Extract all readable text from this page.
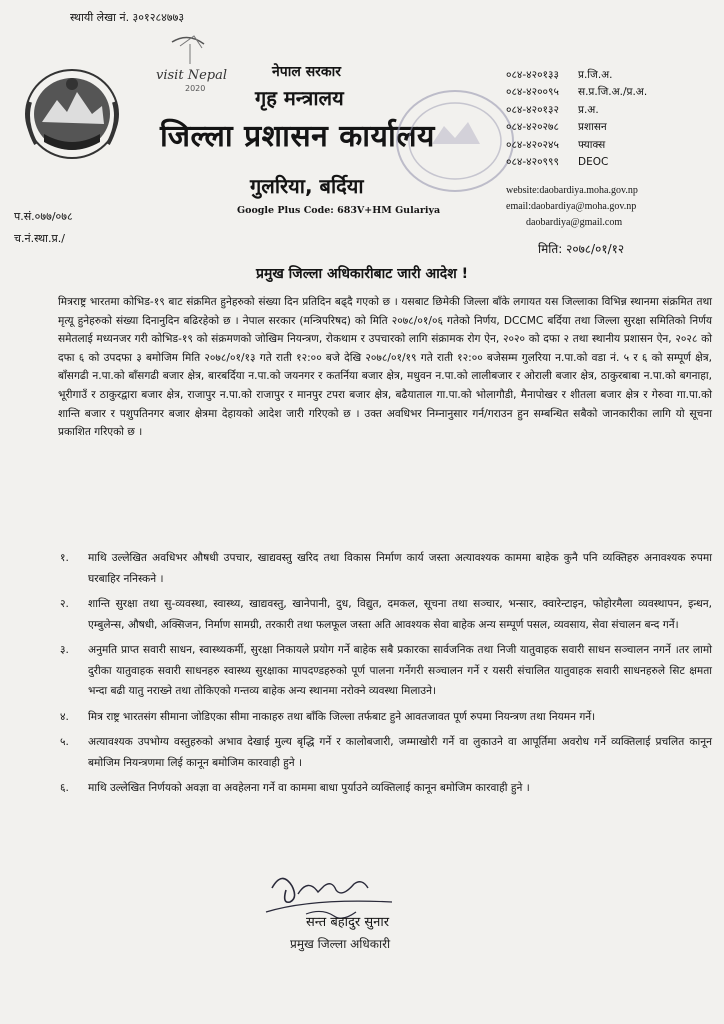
स्थायी लेखा नं. ३०१२८४७७३
visit Nepal
2020
नेपाल सरकार
गृह मन्त्रालय
जिल्ला प्रशासन कार्यालय
गुलरिया, बर्दिया
Google Plus Code: 683V+HM Gulariya
०८४-४२०१३३	प्र.जि.अ.
०८४-४२००९५	स.प्र.जि.अ./प्र.अ.
०८४-४२०१३२	प्र.अ.
०८४-४२०२७८	प्रशासन
०८४-४२०२४५	फ्याक्स
०८४-४२०९९९	DEOC
website:daobardiya.moha.gov.np
email:daobardiya@moha.gov.np
daobardiya@gmail.com
प.सं.०७७/०७८
च.नं.स्था.प्र./
मिति: २०७८/०१/१२
प्रमुख जिल्ला अधिकारीबाट जारी आदेश !

मित्रराष्ट्र भारतमा कोभिड-१९ बाट संक्रमित हुनेहरुको संख्या दिन प्रतिदिन बढ्दै गएको छ । यसबाट छिमेकी जिल्ला बाँके लगायत यस जिल्लाका विभिन्न स्थानमा संक्रमित तथा मृत्यू हुनेहरुको संख्या दिनानुदिन बढिरहेको छ । नेपाल सरकार (मन्त्रिपरिषद) को मिति २०७८/०१/०६ गतेको निर्णय, DCCMC बर्दिया तथा जिल्ला सुरक्षा समितिको निर्णय समेतलाई मध्यनजर गरी कोभिड-१९ को संक्रमणको जोखिम नियन्त्रण, रोकथाम र उपचारको लागि संक्रामक रोग ऐन, २०२० को दफा २ तथा स्थानीय प्रशासन ऐन, २०२८ को दफा ६ को उपदफा ३ बमोजिम मिति २०७८/०१/१३ गते राती १२:०० बजे देखि २०७८/०१/१९ गते राती १२:०० बजेसम्म गुलरिया न.पा.को वडा नं. ५ र ६ को सम्पूर्ण क्षेत्र, बाँसगढी न.पा.को बाँसगढी बजार क्षेत्र, बारबर्दिया न.पा.को जयनगर र कतर्निया बजार क्षेत्र, मधुवन न.पा.को लालीबजार र ओराली बजार क्षेत्र, ठाकुरबाबा न.पा.को बगनाहा, भूरीगाउँ र ठाकुरद्वारा बजार क्षेत्र, राजापुर न.पा.को राजापुर र मानपुर टपरा बजार क्षेत्र, बढैयाताल गा.पा.को भोलागौडी, मैनापोखर र शीतला बजार क्षेत्र र गेरुवा गा.पा.को शान्ति बजार र पशुपतिनगर बजार क्षेत्रमा देहायको आदेश जारी गरिएको छ । उक्त अवधिभर निम्नानुसार गर्न/गराउन हुन सम्बन्धित सबैको जानकारीका लागि यो सूचना प्रकाशित गरिएको छ ।

१.	माथि उल्लेखित अवधिभर औषधी उपचार, खाद्यवस्तु खरिद तथा विकास निर्माण कार्य जस्ता अत्यावश्यक काममा बाहेक कुनै पनि व्यक्तिहरु अनावश्यक रुपमा घरबाहिर ननिस्कने ।
२.	शान्ति सुरक्षा तथा सु-व्यवस्था, स्वास्थ्य, खाद्यवस्तु, खानेपानी, दुध, विद्युत, दमकल, सूचना तथा सञ्चार, भन्सार, क्वारेन्टाइन, फोहोरमैला व्यवस्थापन, इन्धन, एम्बुलेन्स, औषधी, अक्सिजन, निर्माण सामग्री, तरकारी तथा फलफूल जस्ता अति आवश्यक सेवा बाहेक अन्य सम्पूर्ण पसल, व्यवसाय, सेवा संचालन बन्द गर्ने।
३.	अनुमति प्राप्त सवारी साधन, स्वास्थ्यकर्मी, सुरक्षा निकायले प्रयोग गर्ने बाहेक सबै प्रकारका सार्वजनिक तथा निजी यातुवाहक सवारी साधन सञ्चालन नगर्ने ।तर लामो दुरीका यातुवाहक सवारी साधनहरु स्वास्थ्य सुरक्षाका मापदण्डहरुको पूर्ण पालना गर्नेगरी सञ्चालन गर्ने र यसरी संचालित यातुवाहक सवारी साधनहरुले सिट क्षमता भन्दा बढी यातु नराख्ने तथा तोकिएको गन्तव्य बाहेक अन्य स्थानमा नरोक्ने व्यवस्था मिलाउने।
४.	मित्र राष्ट्र भारतसंग सीमाना जोडिएका सीमा नाकाहरु तथा बाँकि जिल्ला तर्फबाट हुने आवतजावत पूर्ण रुपमा नियन्त्रण तथा नियमन गर्ने।
५.	अत्यावश्यक उपभोग्य वस्तुहरुको अभाव देखाई मुल्य बृद्धि गर्ने र कालोबजारी, जम्माखोरी गर्ने वा लुकाउने वा आपूर्तिमा अवरोध गर्ने व्यक्तिलाई प्रचलित कानून बमोजिम नियन्त्रणमा लिई कानून बमोजिम कारवाही हुने ।
६.	माथि उल्लेखित निर्णयको अवज्ञा वा अवहेलना गर्ने वा काममा बाधा पुर्याउने व्यक्तिलाई कानून बमोजिम कारवाही हुने ।
सन्त बहादुर सुनार
प्रमुख जिल्ला अधिकारी
